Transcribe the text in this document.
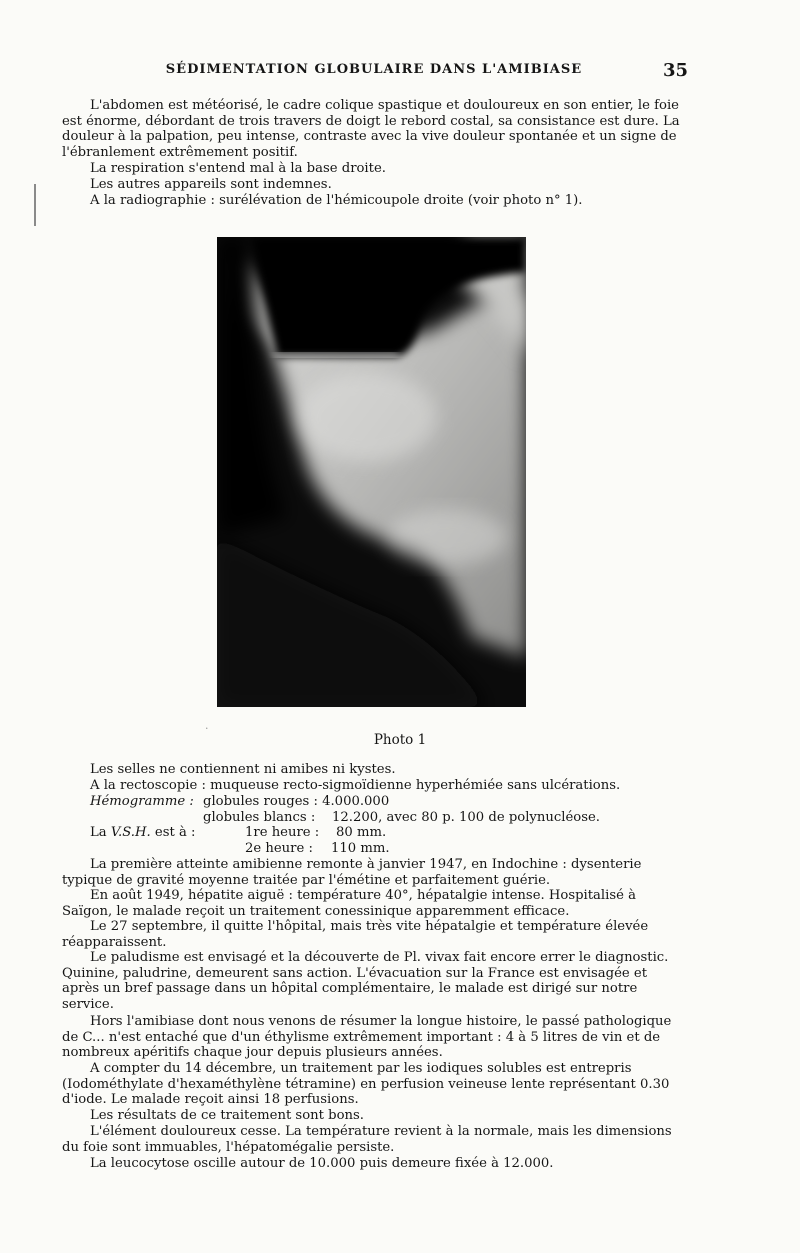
SÉDIMENTATION GLOBULAIRE DANS L'AMIBIASE	35

L'abdomen est météorisé, le cadre colique spastique et douloureux en son entier, le foie est énorme, débordant de trois travers de doigt le rebord costal, sa consistance est dure. La douleur à la palpation, peu intense, contraste avec la vive douleur spontanée et un signe de l'ébranlement extrêmement positif.

La respiration s'entend mal à la base droite.

Les autres appareils sont indemnes.

A la radiographie : surélévation de l'hémicoupole droite (voir photo n° 1).

Photo 1
·
Les selles ne contiennent ni amibes ni kystes.
A la rectoscopie : muqueuse recto-sigmoïdienne hyperhémiée sans ulcérations.
Hémogramme : globules rouges : 4.000.000
globules blancs : 12.200, avec 80 p. 100 de polynucléose.
La V.S.H. est à :	1re heure : 80 mm.
2e heure : 110 mm.

La première atteinte amibienne remonte à janvier 1947, en Indochine : dysenterie typique de gravité moyenne traitée par l'émétine et parfaitement guérie.

En août 1949, hépatite aiguë : température 40°, hépatalgie intense. Hospitalisé à Saïgon, le malade reçoit un traitement conessinique apparemment efficace.

Le 27 septembre, il quitte l'hôpital, mais très vite hépatalgie et température élevée réapparaissent.

Le paludisme est envisagé et la découverte de Pl. vivax fait encore errer le diagnostic. Quinine, paludrine, demeurent sans action. L'évacuation sur la France est envisagée et après un bref passage dans un hôpital complémentaire, le malade est dirigé sur notre service.

Hors l'amibiase dont nous venons de résumer la longue histoire, le passé pathologique de C... n'est entaché que d'un éthylisme extrêmement important : 4 à 5 litres de vin et de nombreux apéritifs chaque jour depuis plusieurs années.

A compter du 14 décembre, un traitement par les iodiques solubles est entrepris (Iodométhylate d'hexaméthylène tétramine) en perfusion veineuse lente représentant 0.30 d'iode. Le malade reçoit ainsi 18 perfusions.

Les résultats de ce traitement sont bons.

L'élément douloureux cesse. La température revient à la normale, mais les dimensions du foie sont immuables, l'hépatomégalie persiste.

La leucocytose oscille autour de 10.000 puis demeure fixée à 12.000.
